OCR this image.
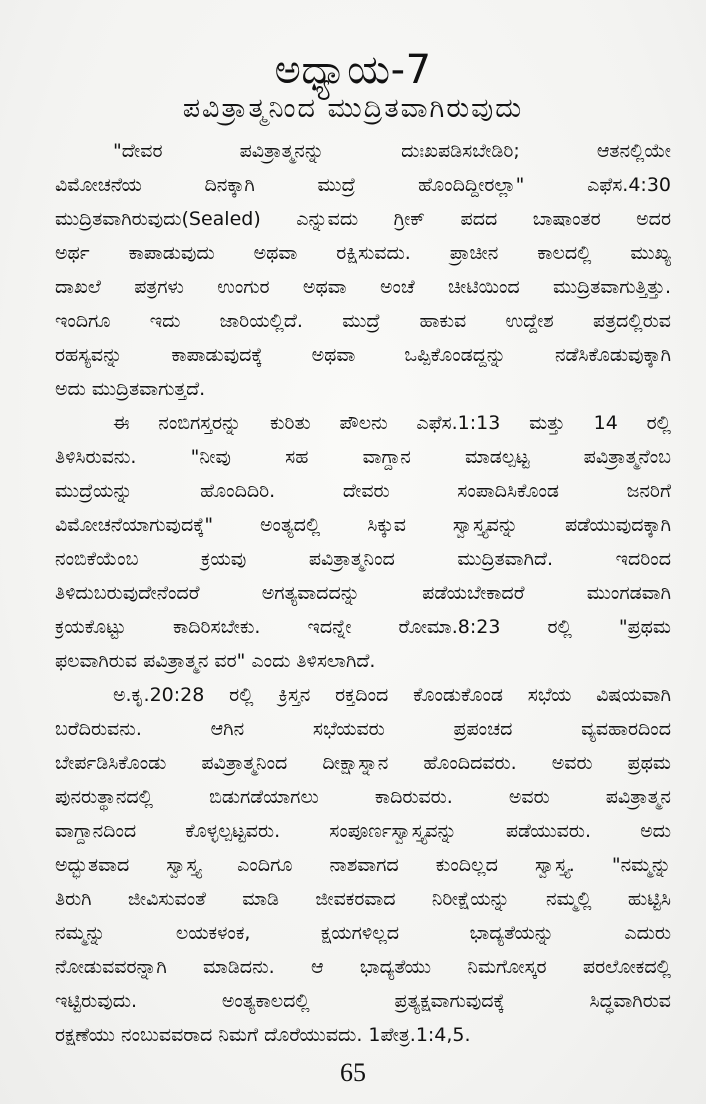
ಅಧ್ಯಾಯ-7
ಪವಿತ್ರಾತ್ಮನಿಂದ ಮುದ್ರಿತವಾಗಿರುವುದು
"ದೇವರ ಪವಿತ್ರಾತ್ಮನನ್ನು ದುಃಖಪಡಿಸಬೇಡಿರಿ; ಆತನಲ್ಲಿಯೇ
ವಿಮೋಚನೆಯ ದಿನಕ್ಕಾಗಿ ಮುದ್ರೆ ಹೊಂದಿದ್ದೀರಲ್ಲಾ" ಎಫೆಸ.4:30
ಮುದ್ರಿತವಾಗಿರುವುದು(Sealed) ಎನ್ನುವದು ಗ್ರೀಕ್ ಪದದ ಬಾಷಾಂತರ ಅದರ
ಅರ್ಥ ಕಾಪಾಡುವುದು ಅಥವಾ ರಕ್ಷಿಸುವದು. ಪ್ರಾಚೀನ ಕಾಲದಲ್ಲಿ ಮುಖ್ಯ
ದಾಖಲೆ ಪತ್ರಗಳು ಉಂಗುರ ಅಥವಾ ಅಂಚೆ ಚೀಟಿಯಿಂದ ಮುದ್ರಿತವಾಗುತ್ತಿತ್ತು.
ಇಂದಿಗೂ ಇದು ಜಾರಿಯಲ್ಲಿದೆ. ಮುದ್ರೆ ಹಾಕುವ ಉದ್ದೇಶ ಪತ್ರದಲ್ಲಿರುವ
ರಹಸ್ಯವನ್ನು ಕಾಪಾಡುವುದಕ್ಕೆ ಅಥವಾ ಒಪ್ಪಿಕೊಂಡದ್ದನ್ನು ನಡೆಸಿಕೊಡುವುಕ್ಕಾಗಿ
ಅದು ಮುದ್ರಿತವಾಗುತ್ತದೆ.
ಈ ನಂಬಿಗಸ್ತರನ್ನು ಕುರಿತು ಪೌಲನು ಎಫೆಸ.1:13 ಮತ್ತು 14 ರಲ್ಲಿ
ತಿಳಿಸಿರುವನು. "ನೀವು ಸಹ ವಾಗ್ದಾನ ಮಾಡಲ್ಪಟ್ಟ ಪವಿತ್ರಾತ್ಮನೆಂಬ
ಮುದ್ರೆಯನ್ನು ಹೊಂದಿದಿರಿ. ದೇವರು ಸಂಪಾದಿಸಿಕೊಂಡ ಜನರಿಗೆ
ವಿಮೋಚನೆಯಾಗುವುದಕ್ಕೆ" ಅಂತ್ಯದಲ್ಲಿ ಸಿಕ್ಕುವ ಸ್ವಾಸ್ತ್ಯವನ್ನು ಪಡೆಯುವುದಕ್ಕಾಗಿ
ನಂಬಿಕೆಯೆಂಬ ಕ್ರಯವು ಪವಿತ್ರಾತ್ಮನಿಂದ ಮುದ್ರಿತವಾಗಿದೆ. ಇದರಿಂದ
ತಿಳಿದುಬರುವುದೇನೆಂದರೆ ಅಗತ್ಯವಾದದನ್ನು ಪಡೆಯಬೇಕಾದರೆ ಮುಂಗಡವಾಗಿ
ಕ್ರಯಕೊಟ್ಟು ಕಾದಿರಿಸಬೇಕು. ಇದನ್ನೇ ರೋಮಾ.8:23 ರಲ್ಲಿ "ಪ್ರಥಮ
ಫಲವಾಗಿರುವ ಪವಿತ್ರಾತ್ಮನ ವರ" ಎಂದು ತಿಳಿಸಲಾಗಿದೆ.
ಅ.ಕೃ.20:28 ರಲ್ಲಿ ಕ್ರಿಸ್ತನ ರಕ್ತದಿಂದ ಕೊಂಡುಕೊಂಡ ಸಭೆಯ ವಿಷಯವಾಗಿ
ಬರೆದಿರುವನು. ಆಗಿನ ಸಭೆಯವರು ಪ್ರಪಂಚದ ವ್ಯವಹಾರದಿಂದ
ಬೇರ್ಪಡಿಸಿಕೊಂಡು ಪವಿತ್ರಾತ್ಮನಿಂದ ದೀಕ್ಷಾಸ್ನಾನ ಹೊಂದಿದವರು. ಅವರು ಪ್ರಥಮ
ಪುನರುತ್ಥಾನದಲ್ಲಿ ಬಿಡುಗಡೆಯಾಗಲು ಕಾದಿರುವರು. ಅವರು ಪವಿತ್ರಾತ್ಮನ
ವಾಗ್ದಾನದಿಂದ ಕೊಳ್ಳಲ್ಪಟ್ಟವರು. ಸಂಪೂರ್ಣಸ್ವಾಸ್ತ್ಯವನ್ನು ಪಡೆಯುವರು. ಅದು
ಅದ್ಭುತವಾದ ಸ್ವಾಸ್ತ್ಯ ಎಂದಿಗೂ ನಾಶವಾಗದ ಕುಂದಿಲ್ಲದ ಸ್ವಾಸ್ತ್ಯ. "ನಮ್ಮನ್ನು
ತಿರುಗಿ ಜೀವಿಸುವಂತೆ ಮಾಡಿ ಜೀವಕರವಾದ ನಿರೀಕ್ಷೆಯನ್ನು ನಮ್ಮಲ್ಲಿ ಹುಟ್ಟಿಸಿ
ನಮ್ಮನ್ನು ಲಯಕಳಂಕ, ಕ್ಷಯಗಳಿಲ್ಲದ ಭಾದ್ಯತೆಯನ್ನು ಎದುರು
ನೋಡುವವರನ್ನಾಗಿ ಮಾಡಿದನು. ಆ ಭಾದ್ಯತೆಯು ನಿಮಗೋಸ್ಕರ ಪರಲೋಕದಲ್ಲಿ
ಇಟ್ಟಿರುವುದು. ಅಂತ್ಯಕಾಲದಲ್ಲಿ ಪ್ರತ್ಯಕ್ಷವಾಗುವುದಕ್ಕೆ ಸಿದ್ಧವಾಗಿರುವ
ರಕ್ಷಣೆಯು ನಂಬುವವರಾದ ನಿಮಗೆ ದೊರೆಯುವದು. 1ಪೇತ್ರ.1:4,5.
65
